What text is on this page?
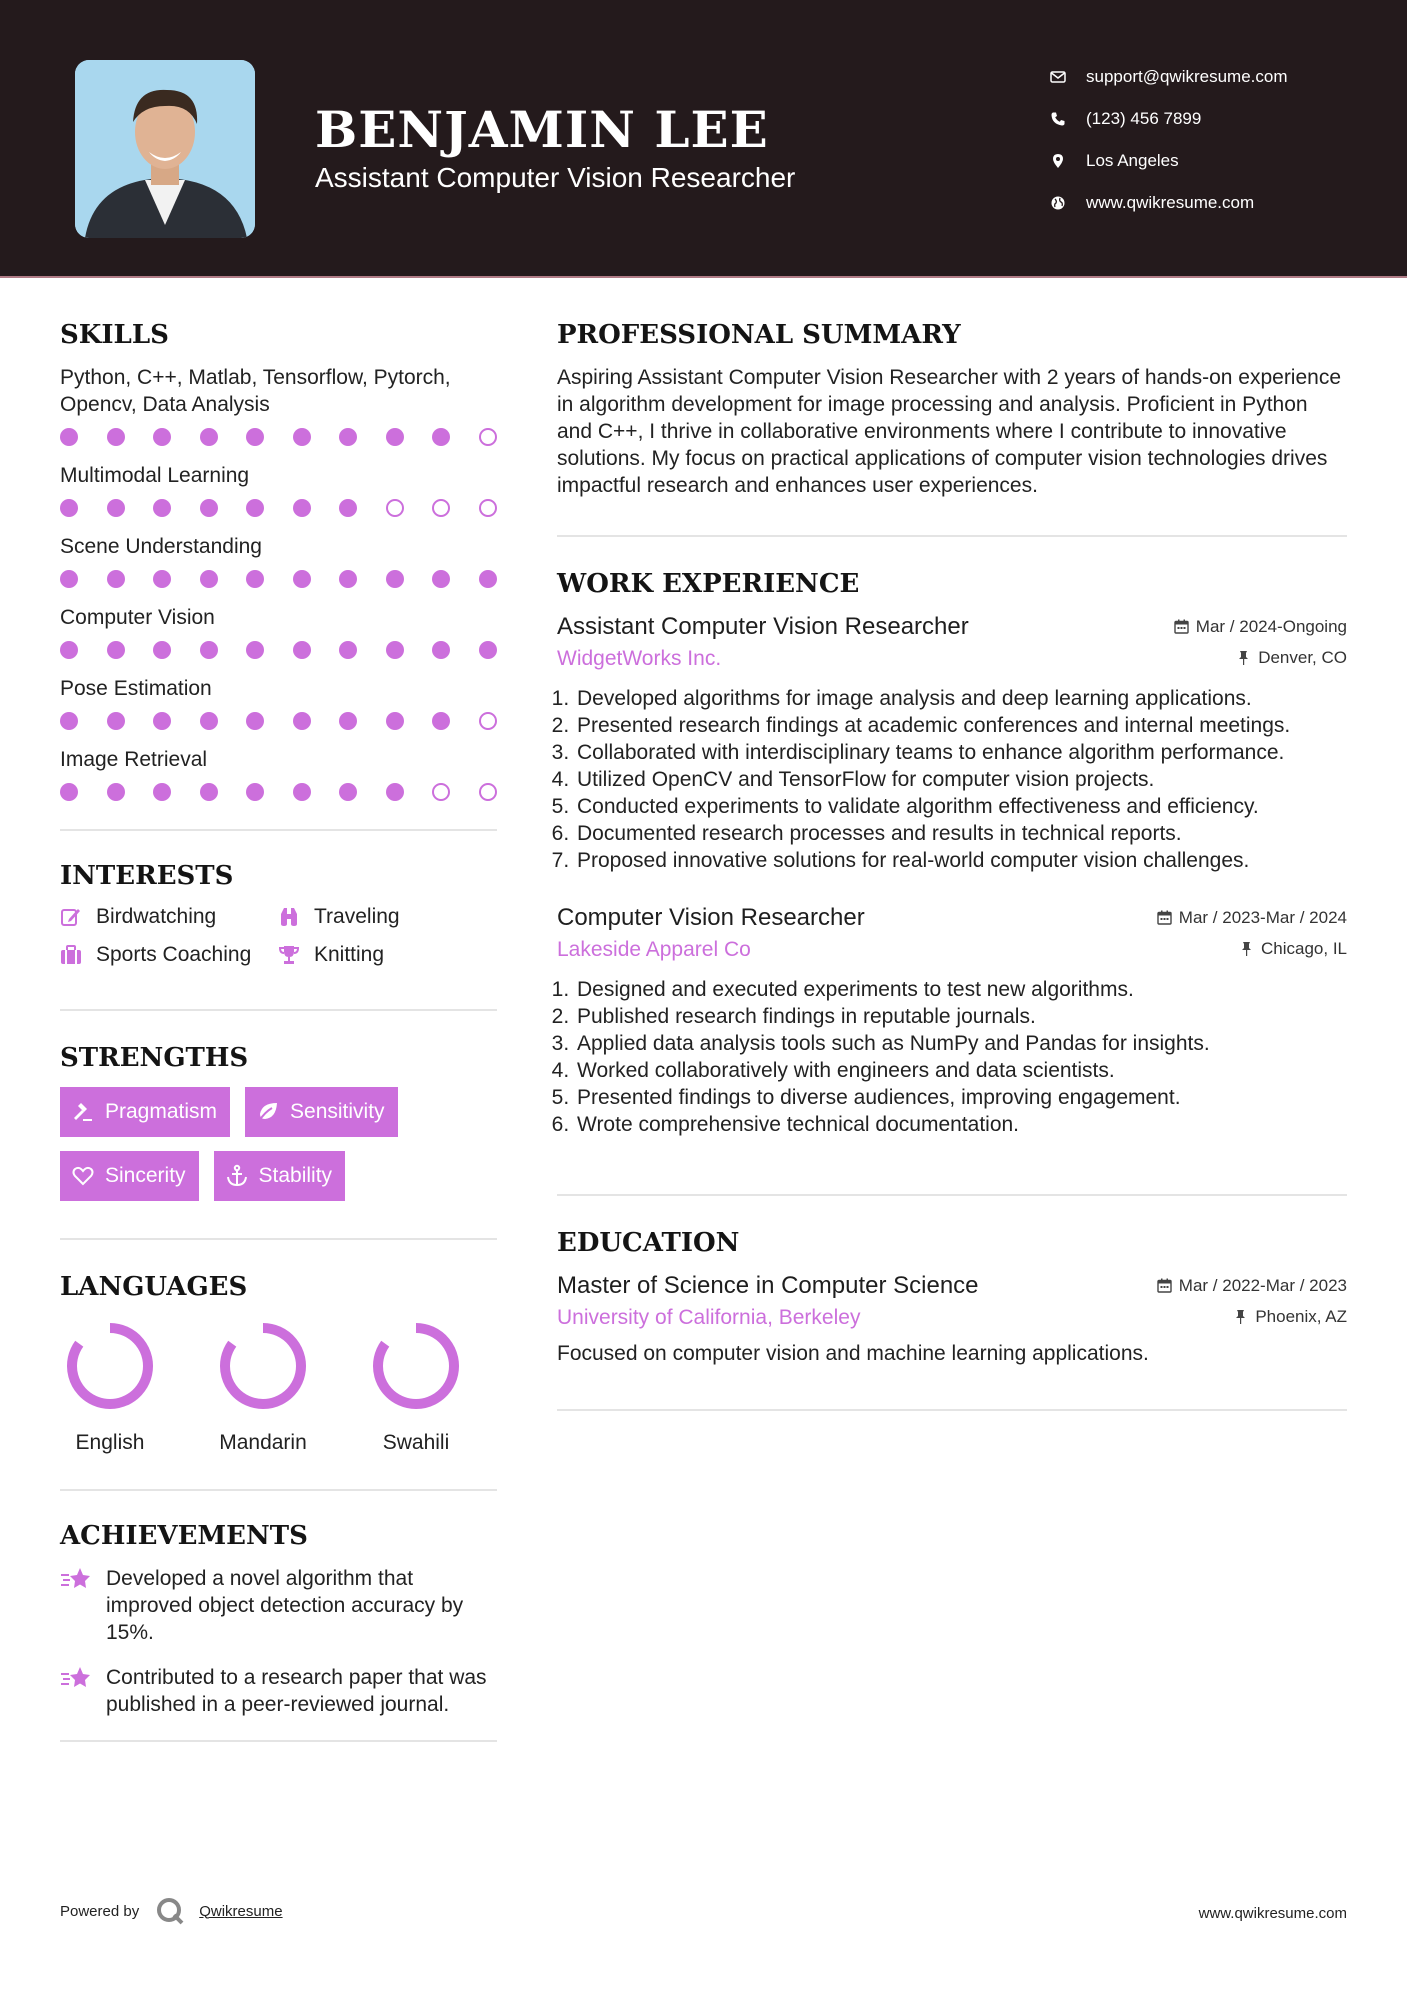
BENJAMIN LEE
Assistant Computer Vision Researcher
support@qwikresume.com
(123) 456 7899
Los Angeles
www.qwikresume.com
SKILLS
Python, C++, Matlab, Tensorflow, Pytorch, Opencv, Data Analysis
Multimodal Learning
Scene Understanding
Computer Vision
Pose Estimation
Image Retrieval
INTERESTS
Birdwatching	Traveling
Sports Coaching	Knitting
STRENGTHS
Pragmatism	Sensitivity
Sincerity	Stability
LANGUAGES
English	Mandarin	Swahili
ACHIEVEMENTS
Developed a novel algorithm that improved object detection accuracy by 15%.
Contributed to a research paper that was published in a peer-reviewed journal.
PROFESSIONAL SUMMARY
Aspiring Assistant Computer Vision Researcher with 2 years of hands-on experience in algorithm development for image processing and analysis. Proficient in Python and C++, I thrive in collaborative environments where I contribute to innovative solutions. My focus on practical applications of computer vision technologies drives impactful research and enhances user experiences.
WORK EXPERIENCE
Assistant Computer Vision Researcher	Mar / 2024-Ongoing
WidgetWorks Inc.	Denver, CO
1. Developed algorithms for image analysis and deep learning applications.
2. Presented research findings at academic conferences and internal meetings.
3. Collaborated with interdisciplinary teams to enhance algorithm performance.
4. Utilized OpenCV and TensorFlow for computer vision projects.
5. Conducted experiments to validate algorithm effectiveness and efficiency.
6. Documented research processes and results in technical reports.
7. Proposed innovative solutions for real-world computer vision challenges.
Computer Vision Researcher	Mar / 2023-Mar / 2024
Lakeside Apparel Co	Chicago, IL
1. Designed and executed experiments to test new algorithms.
2. Published research findings in reputable journals.
3. Applied data analysis tools such as NumPy and Pandas for insights.
4. Worked collaboratively with engineers and data scientists.
5. Presented findings to diverse audiences, improving engagement.
6. Wrote comprehensive technical documentation.
EDUCATION
Master of Science in Computer Science	Mar / 2022-Mar / 2023
University of California, Berkeley	Phoenix, AZ
Focused on computer vision and machine learning applications.
Powered by	Qwikresume	www.qwikresume.com
